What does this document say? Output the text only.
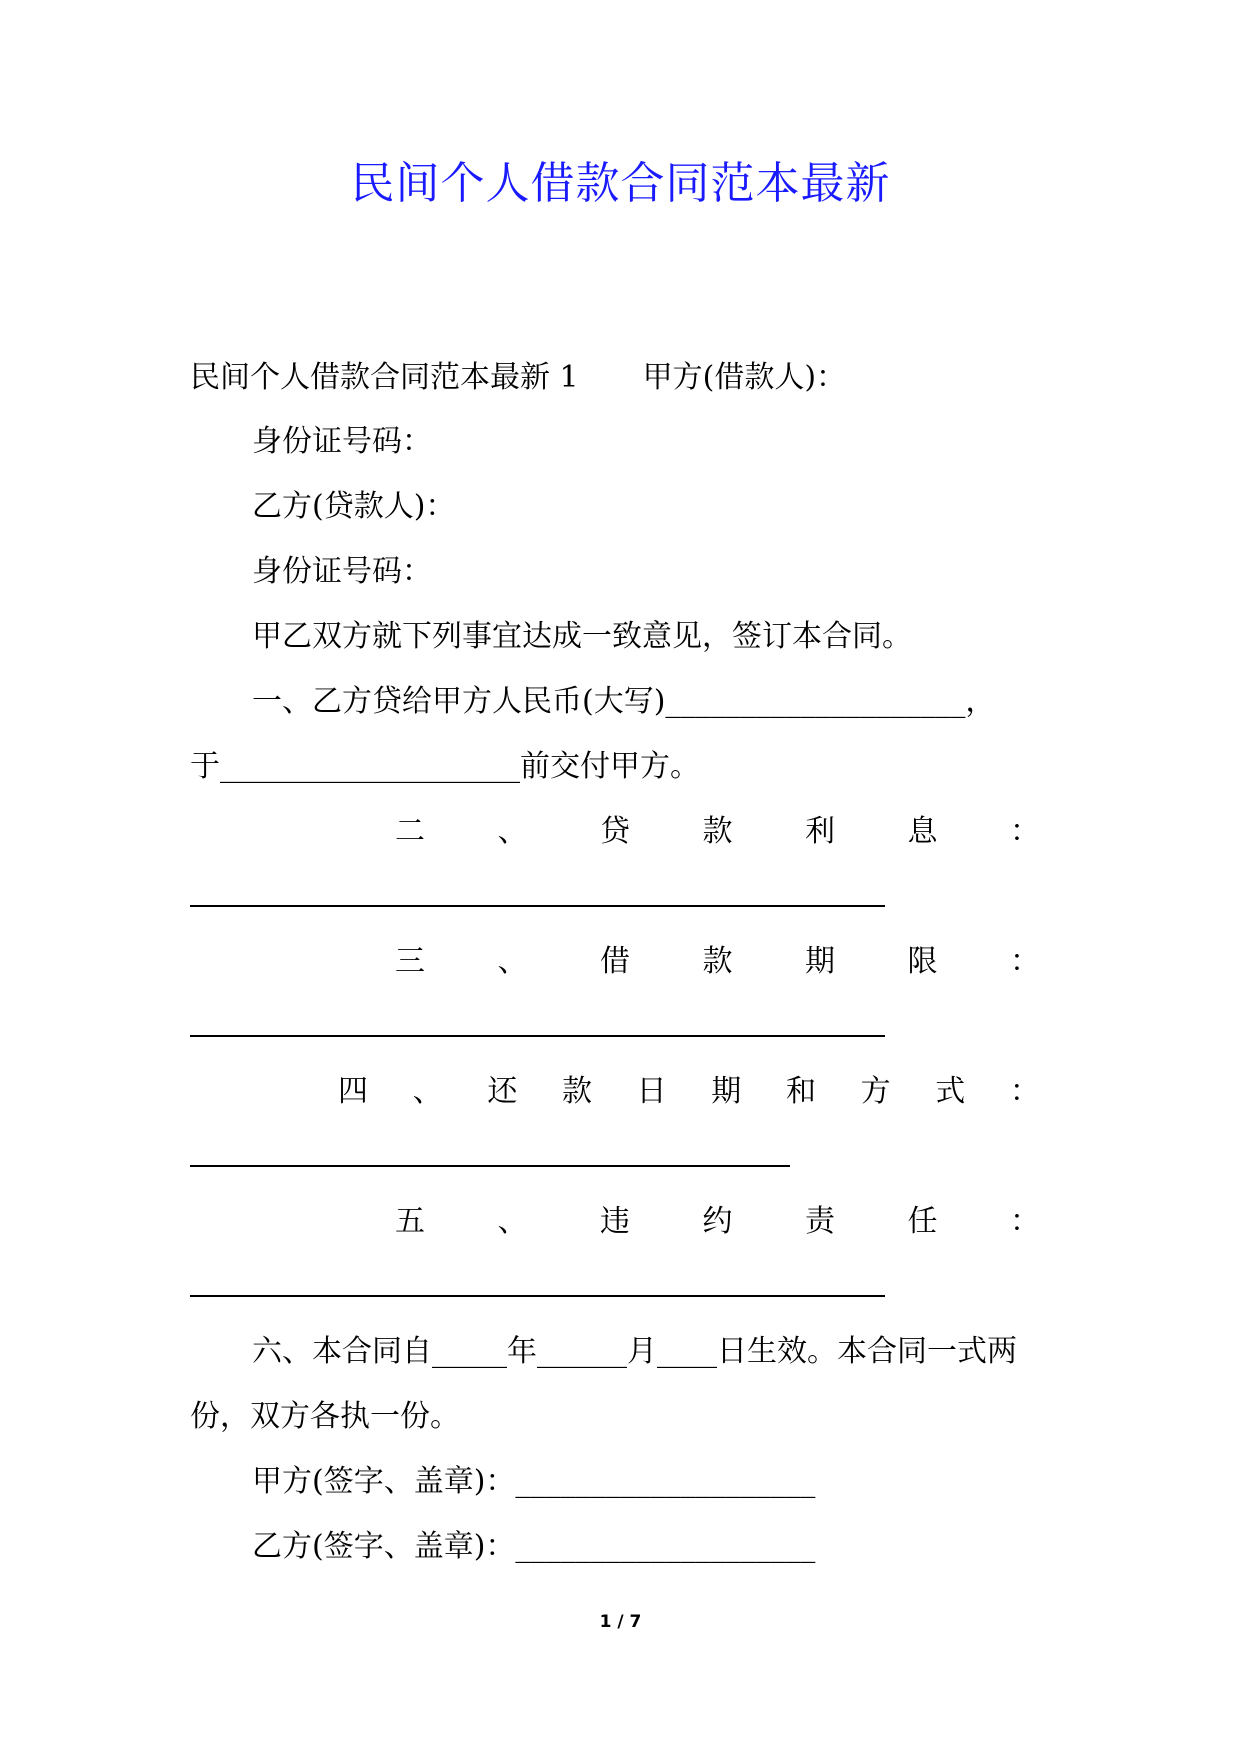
民间个人借款合同范本最新
民间个人借款合同范本最新 1 甲方(借款人)：
身份证号码：
乙方(贷款人)：
身份证号码：
甲乙双方就下列事宜达成一致意见，签订本合同。
一、乙方贷给甲方人民币(大写)____________________，
于____________________前交付甲方。
二 、 贷 款 利 息 ：
三 、 借 款 期 限 ：
四 、 还 款 日 期 和 方 式 ：
五 、 违 约 责 任 ：
六、本合同自_____年______月____日生效。本合同一式两
份，双方各执一份。
甲方(签字、盖章)：____________________
乙方(签字、盖章)：____________________
1 / 7
